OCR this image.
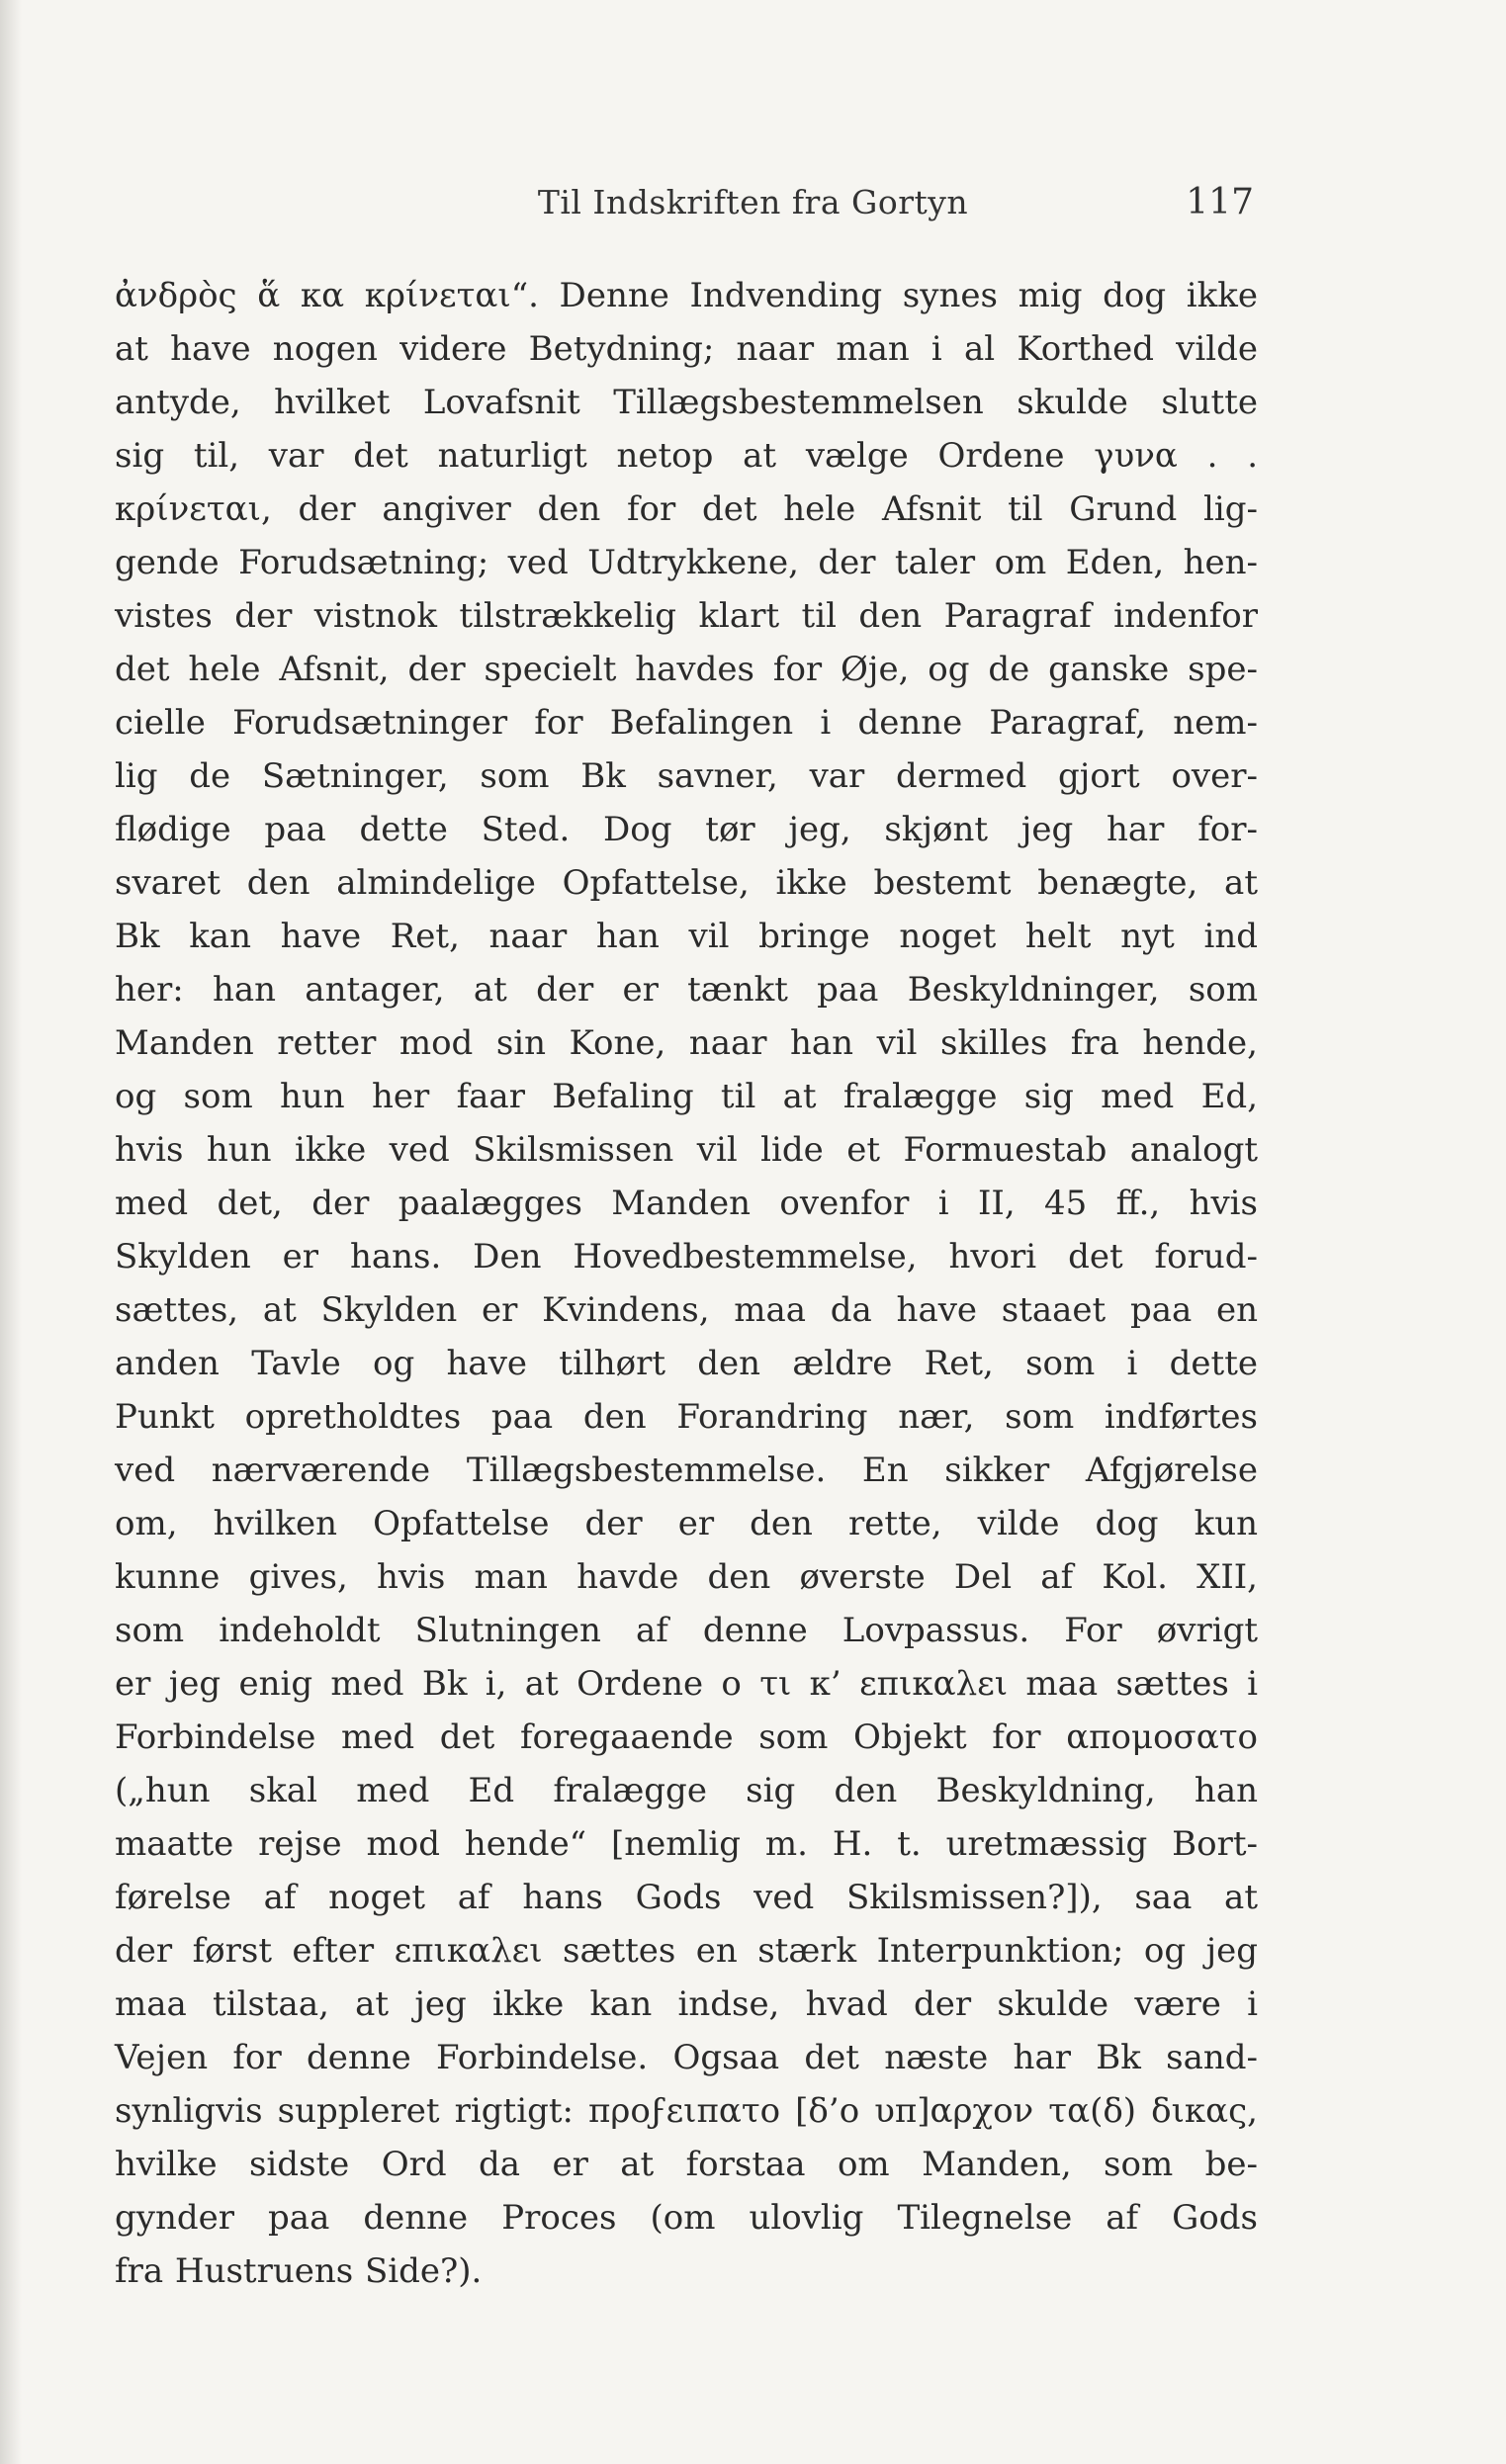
Til Indskriften fra Gortyn	117
ἀνδρὸς ἅ κα κρίνεται“. Denne Indvending synes mig dog ikke
at have nogen videre Betydning; naar man i al Korthed vilde
antyde, hvilket Lovafsnit Tillægsbestemmelsen skulde slutte
sig til, var det naturligt netop at vælge Ordene γυνα . .
κρίνεται, der angiver den for det hele Afsnit til Grund lig-
gende Forudsætning; ved Udtrykkene, der taler om Eden, hen-
vistes der vistnok tilstrækkelig klart til den Paragraf indenfor
det hele Afsnit, der specielt havdes for Øje, og de ganske spe-
cielle Forudsætninger for Befalingen i denne Paragraf, nem-
lig de Sætninger, som Bk savner, var dermed gjort over-
flødige paa dette Sted. Dog tør jeg, skjønt jeg har for-
svaret den almindelige Opfattelse, ikke bestemt benægte, at
Bk kan have Ret, naar han vil bringe noget helt nyt ind
her: han antager, at der er tænkt paa Beskyldninger, som
Manden retter mod sin Kone, naar han vil skilles fra hende,
og som hun her faar Befaling til at fralægge sig med Ed,
hvis hun ikke ved Skilsmissen vil lide et Formuestab analogt
med det, der paalægges Manden ovenfor i II, 45 ff., hvis
Skylden er hans. Den Hovedbestemmelse, hvori det forud-
sættes, at Skylden er Kvindens, maa da have staaet paa en
anden Tavle og have tilhørt den ældre Ret, som i dette
Punkt opretholdtes paa den Forandring nær, som indførtes
ved nærværende Tillægsbestemmelse. En sikker Afgjørelse
om, hvilken Opfattelse der er den rette, vilde dog kun
kunne gives, hvis man havde den øverste Del af Kol. XII,
som indeholdt Slutningen af denne Lovpassus. For øvrigt
er jeg enig med Bk i, at Ordene ο τι κ’ επικαλει maa sættes i
Forbindelse med det foregaaende som Objekt for απομοσατο
(„hun skal med Ed fralægge sig den Beskyldning, han
maatte rejse mod hende“ [nemlig m. H. t. uretmæssig Bort-
førelse af noget af hans Gods ved Skilsmissen?]), saa at
der først efter επικαλει sættes en stærk Interpunktion; og jeg
maa tilstaa, at jeg ikke kan indse, hvad der skulde være i
Vejen for denne Forbindelse. Ogsaa det næste har Bk sand-
synligvis suppleret rigtigt: προϝειπατο [δ’ο υπ]αρχον τα(δ) δικας,
hvilke sidste Ord da er at forstaa om Manden, som be-
gynder paa denne Proces (om ulovlig Tilegnelse af Gods
fra Hustruens Side?).
